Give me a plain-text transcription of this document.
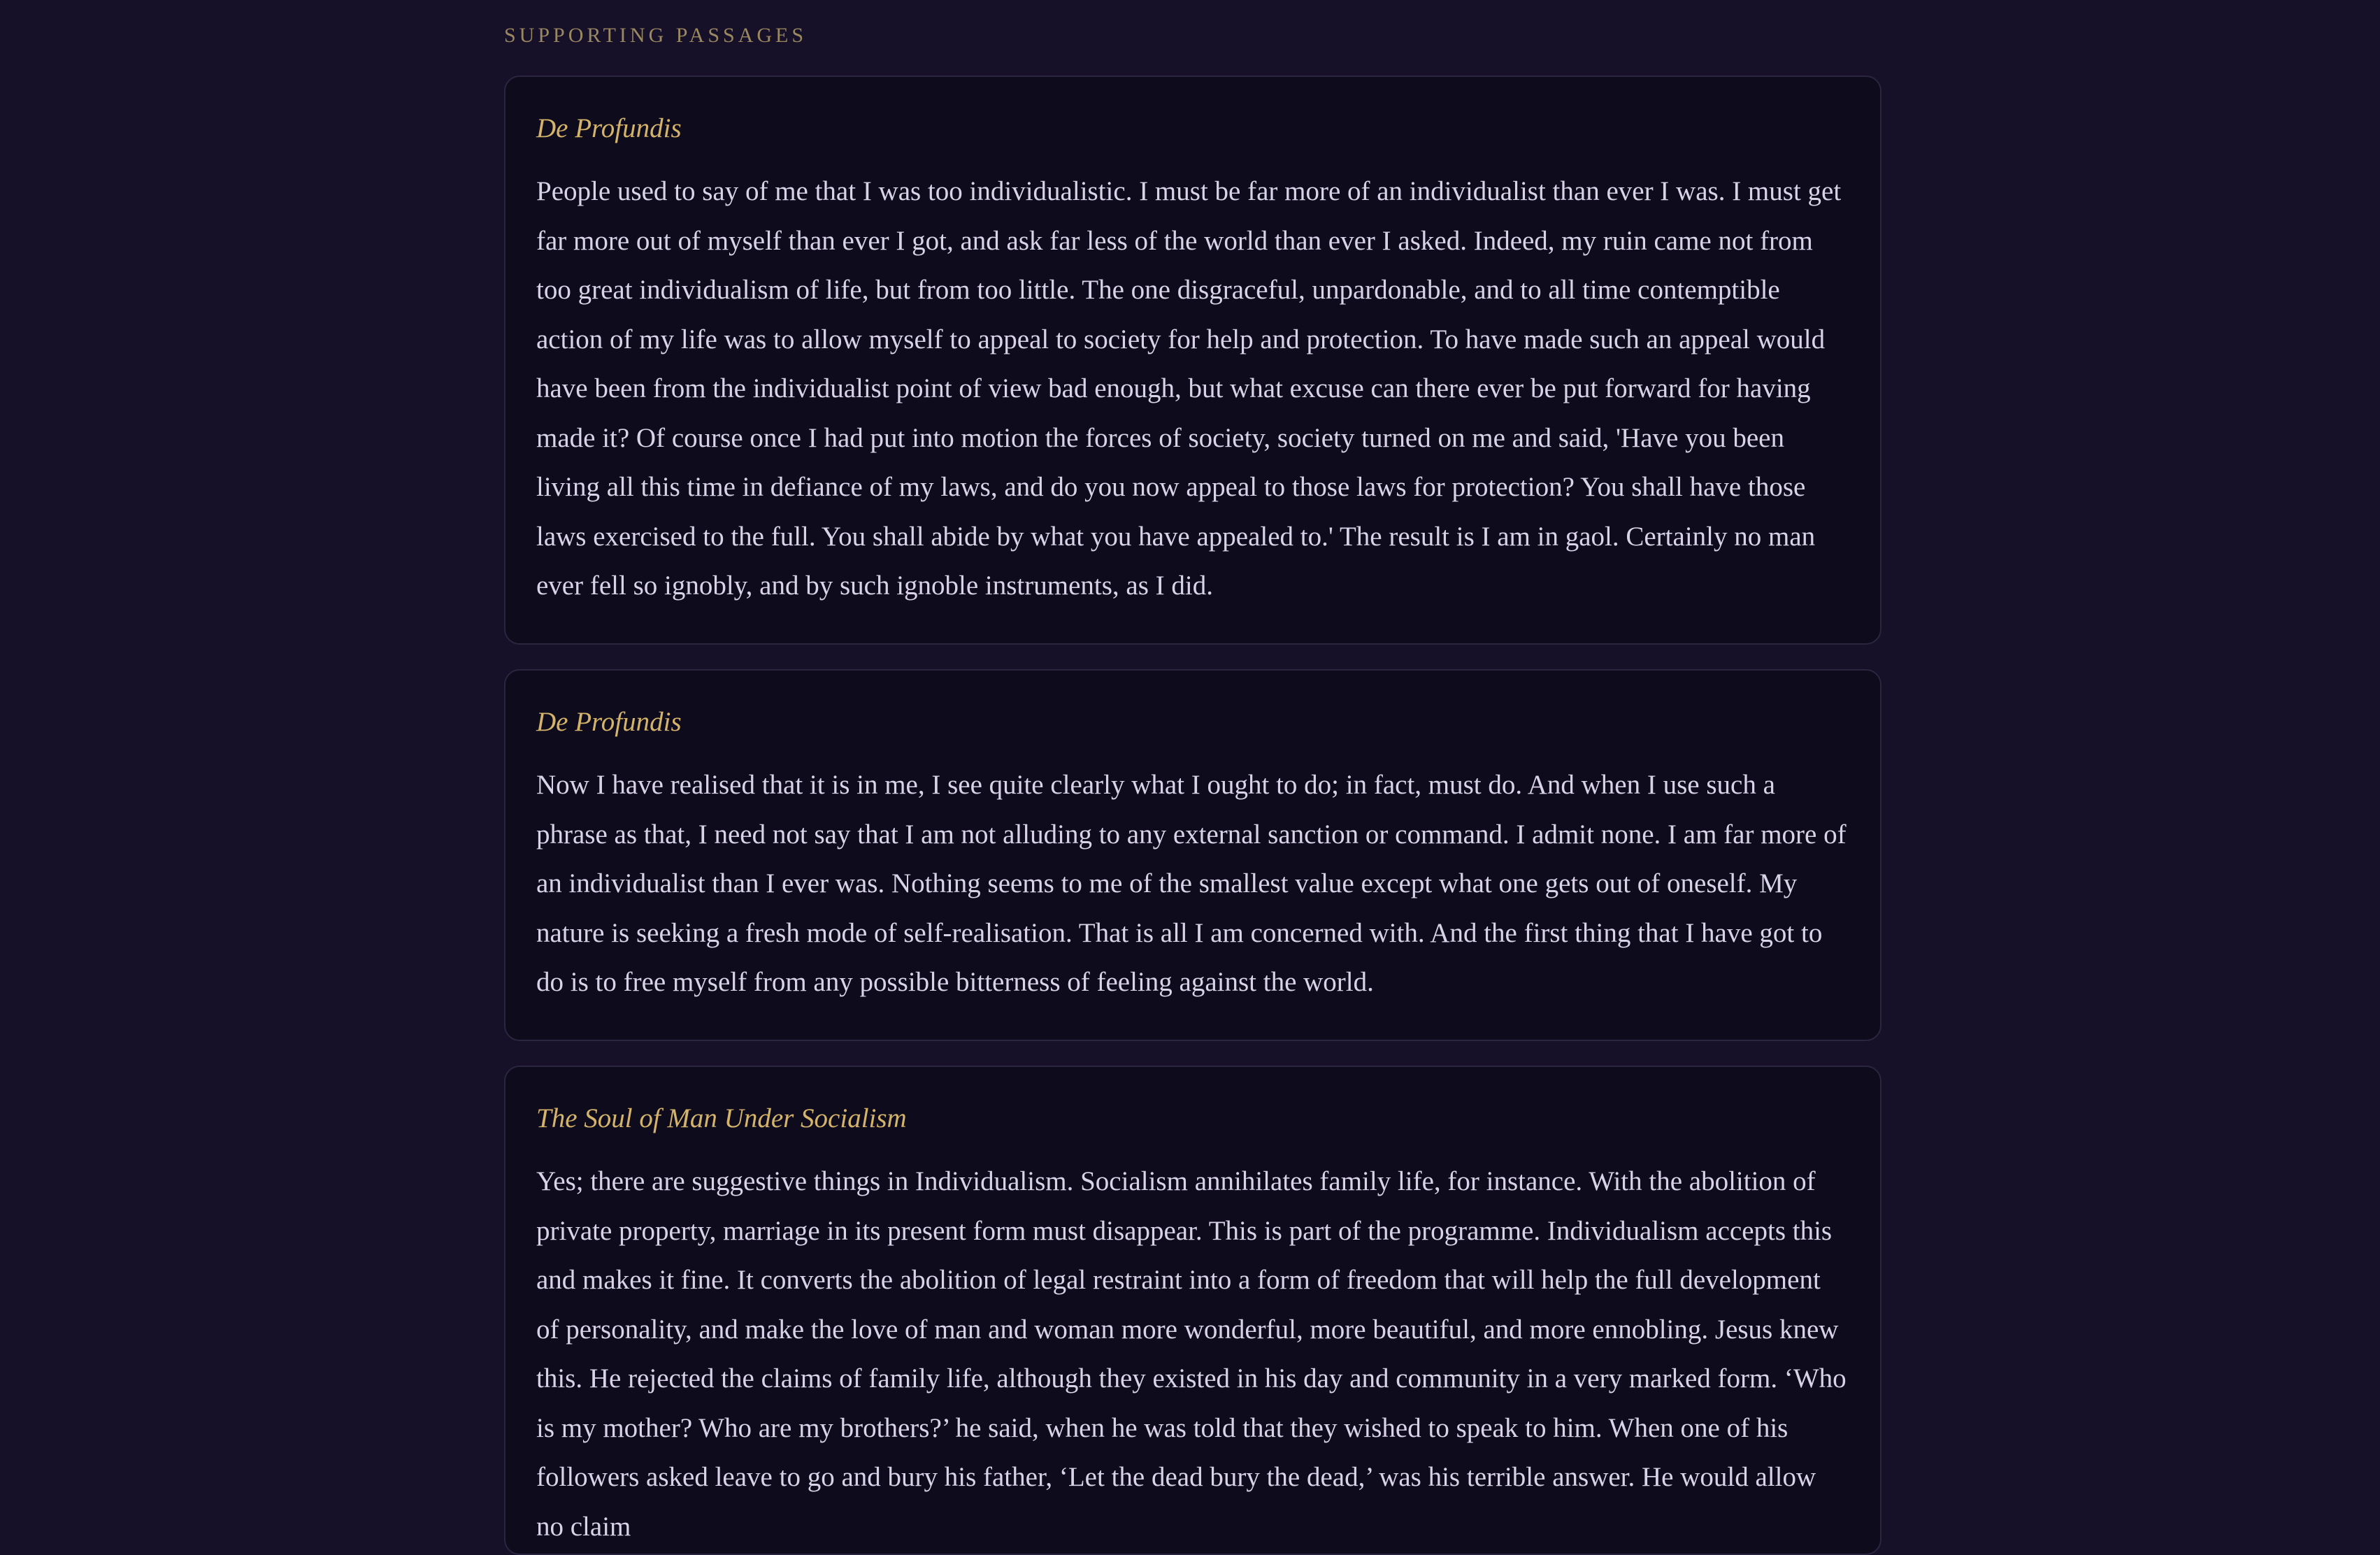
SUPPORTING PASSAGES
De Profundis

People used to say of me that I was too individualistic. I must be far more of an individualist than ever I was. I must get far more out of myself than ever I got, and ask far less of the world than ever I asked. Indeed, my ruin came not from too great individualism of life, but from too little. The one disgraceful, unpardonable, and to all time contemptible action of my life was to allow myself to appeal to society for help and protection. To have made such an appeal would have been from the individualist point of view bad enough, but what excuse can there ever be put forward for having made it? Of course once I had put into motion the forces of society, society turned on me and said, 'Have you been living all this time in defiance of my laws, and do you now appeal to those laws for protection? You shall have those laws exercised to the full. You shall abide by what you have appealed to.' The result is I am in gaol. Certainly no man ever fell so ignobly, and by such ignoble instruments, as I did.

De Profundis

Now I have realised that it is in me, I see quite clearly what I ought to do; in fact, must do. And when I use such a phrase as that, I need not say that I am not alluding to any external sanction or command. I admit none. I am far more of an individualist than I ever was. Nothing seems to me of the smallest value except what one gets out of oneself. My nature is seeking a fresh mode of self-realisation. That is all I am concerned with. And the first thing that I have got to do is to free myself from any possible bitterness of feeling against the world.

The Soul of Man Under Socialism

Yes; there are suggestive things in Individualism. Socialism annihilates family life, for instance. With the abolition of private property, marriage in its present form must disappear. This is part of the programme. Individualism accepts this and makes it fine. It converts the abolition of legal restraint into a form of freedom that will help the full development of personality, and make the love of man and woman more wonderful, more beautiful, and more ennobling. Jesus knew this. He rejected the claims of family life, although they existed in his day and community in a very marked form. ‘Who is my mother? Who are my brothers?’ he said, when he was told that they wished to speak to him. When one of his followers asked leave to go and bury his father, ‘Let the dead bury the dead,’ was his terrible answer. He would allow no claim
